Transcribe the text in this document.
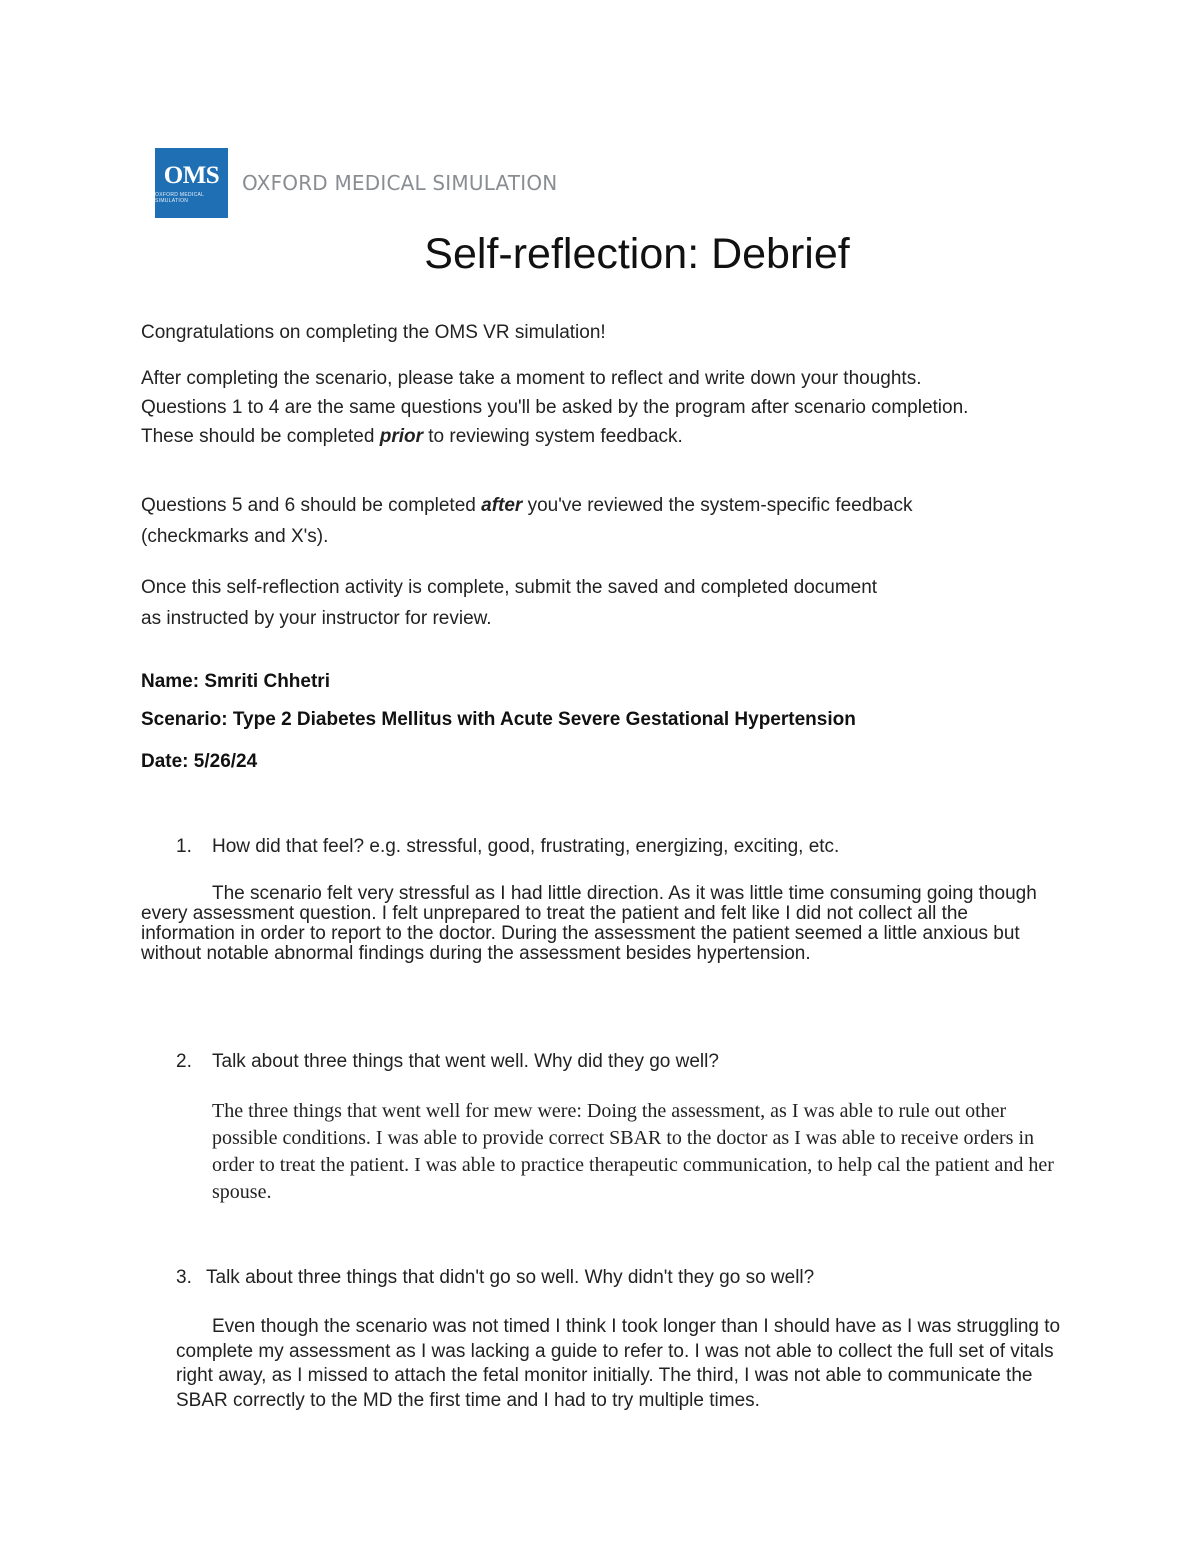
OMS
OXFORD MEDICAL SIMULATION
OXFORD MEDICAL SIMULATION
Self-reflection: Debrief

Congratulations on completing the OMS VR simulation!

After completing the scenario, please take a moment to reflect and write down your thoughts. Questions 1 to 4 are the same questions you'll be asked by the program after scenario completion. These should be completed prior to reviewing system feedback.

Questions 5 and 6 should be completed after you've reviewed the system-specific feedback (checkmarks and X's).

Once this self-reflection activity is complete, submit the saved and completed document as instructed by your instructor for review.

Name: Smriti Chhetri

Scenario: Type 2 Diabetes Mellitus with Acute Severe Gestational Hypertension

Date: 5/26/24

1. How did that feel? e.g. stressful, good, frustrating, energizing, exciting, etc.

The scenario felt very stressful as I had little direction. As it was little time consuming going though every assessment question. I felt unprepared to treat the patient and felt like I did not collect all the information in order to report to the doctor. During the assessment the patient seemed a little anxious but without notable abnormal findings during the assessment besides hypertension.

2. Talk about three things that went well. Why did they go well?

The three things that went well for mew were: Doing the assessment, as I was able to rule out other possible conditions. I was able to provide correct SBAR to the doctor as I was able to receive orders in order to treat the patient. I was able to practice therapeutic communication, to help cal the patient and her spouse.

3. Talk about three things that didn't go so well. Why didn't they go so well?

Even though the scenario was not timed I think I took longer than I should have as I was struggling to complete my assessment as I was lacking a guide to refer to. I was not able to collect the full set of vitals right away, as I missed to attach the fetal monitor initially. The third, I was not able to communicate the SBAR correctly to the MD the first time and I had to try multiple times.
